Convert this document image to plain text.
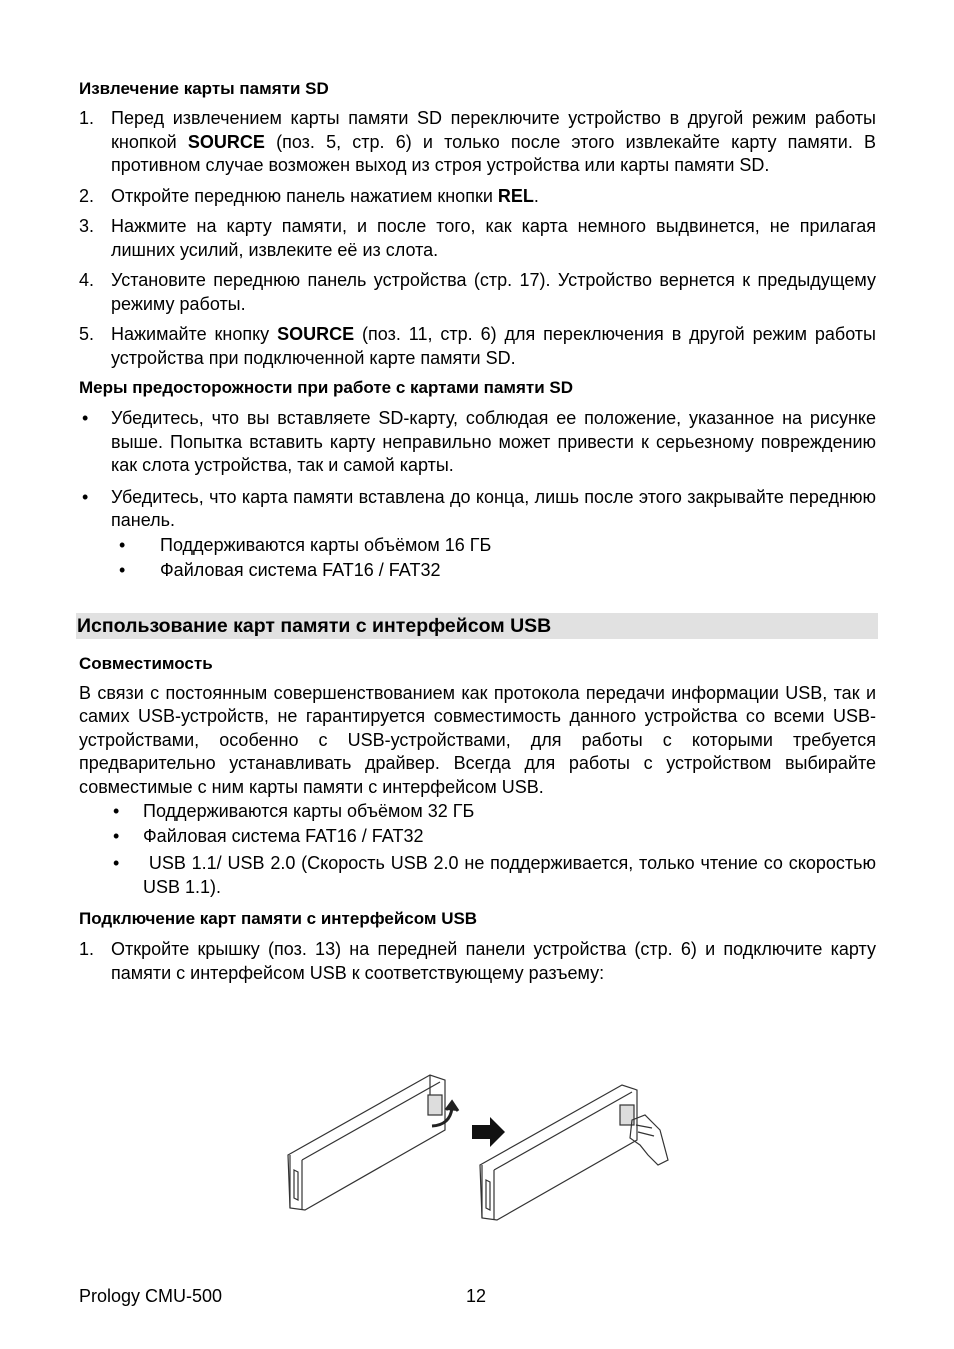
Извлечение карты памяти SD

1. Перед извлечением карты памяти SD переключите устройство в другой режим работы кнопкой SOURCE (поз. 5, стр. 6) и только после этого извлекайте карту памяти. В противном случае возможен выход из строя устройства или карты памяти SD.
2. Откройте переднюю панель нажатием кнопки REL.
3. Нажмите на карту памяти, и после того, как карта немного выдвинется, не прилагая лишних усилий, извлеките её из слота.
4. Установите переднюю панель устройства (стр. 17). Устройство вернется к предыдущему режиму работы.
5. Нажимайте кнопку SOURCE (поз. 11, стр. 6) для переключения в другой режим работы устройства при подключенной карте памяти SD.

Меры предосторожности при работе с картами памяти SD

• Убедитесь, что вы вставляете SD-карту, соблюдая ее положение, указанное на рисунке выше. Попытка вставить карту неправильно может привести к серьезному повреждению как слота устройства, так и самой карты.
• Убедитесь, что карта памяти вставлена до конца, лишь после этого закрывайте переднюю панель.
• Поддерживаются карты объёмом 16 ГБ
• Файловая система FAT16 / FAT32
Использование карт памяти с интерфейсом USB

Совместимость

В связи с постоянным совершенствованием как протокола передачи информации USB, так и самих USB-устройств, не гарантируется совместимость данного устройства со всеми USB-устройствами, особенно с USB-устройствами, для работы с которыми требуется предварительно устанавливать драйвер. Всегда для работы с устройством выбирайте совместимые с ним карты памяти с интерфейсом USB.

• Поддерживаются карты объёмом 32 ГБ
• Файловая система FAT16 / FAT32
• USB 1.1/ USB 2.0 (Скорость USB 2.0 не поддерживается, только чтение со скоростью USB 1.1).

Подключение карт памяти с интерфейсом USB

1. Откройте крышку (поз. 13) на передней панели устройства (стр. 6) и подключите карту памяти с интерфейсом USB к соответствующему разъему:
Prology CMU-500	12
